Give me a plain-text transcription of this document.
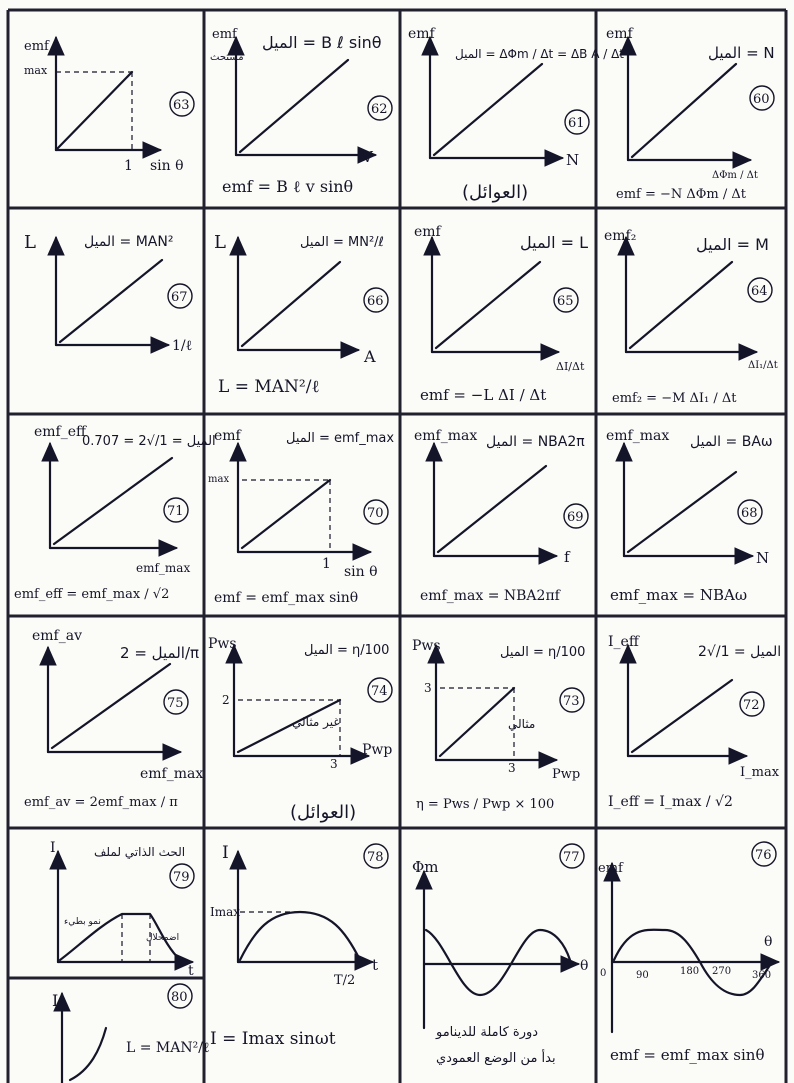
emf
max
1 sin θ
63
emf
مستحث
الميل = B ℓ sinθ
V
62
emf = B ℓ v sinθ
emf
الميل = ΔΦm / Δt = ΔB A / Δt
N
61
(العوائل)
emf
الميل = N
ΔΦm / Δt
60
emf = −N ΔΦm / Δt
L	الميل = MAN²
1/ℓ
67
L	الميل = MN²/ℓ
A
66
L = MAN²/ℓ
emf
الميل = L
ΔI/Δt
65
emf = −L ΔI / Δt
emf₂	الميل = M
ΔI₁/Δt
64
emf₂ = −M ΔI₁ / Δt
emf_eff
الميل = 1/√2 = 0.707
emf_max
71
emf_eff = emf_max / √2
emf
max
الميل = emf_max
1 sin θ
70
emf = emf_max sinθ
emf_max الميل = NBA2π
f
69
emf_max = NBA2πf
emf_max الميل = BAω
N
68
emf_max = NBAω
emf_av
الميل = 2/π
emf_max
75
emf_av = 2emf_max / π
Pws	الميل = η/100
2
3
غير مثالي
Pwp
74
(العوائل)
Pws	الميل = η/100
3
3
مثالي
Pwp
73
η = Pws / Pwp × 100
I_eff
الميل = 1/√2
I_max
72
I_eff = I_max / √2
I	الحث الذاتي لملف
نمو بطيء
اضمحلال
t
79
I
Imax
T/2
t
78
I = Imax sinωt
Φm
θ
77
دورة كاملة للدينامو
بدأ من الوضع العمودي
emf
θ
0	90	180 270 360
76
emf = emf_max sinθ
L
L = MAN²/ℓ
80
